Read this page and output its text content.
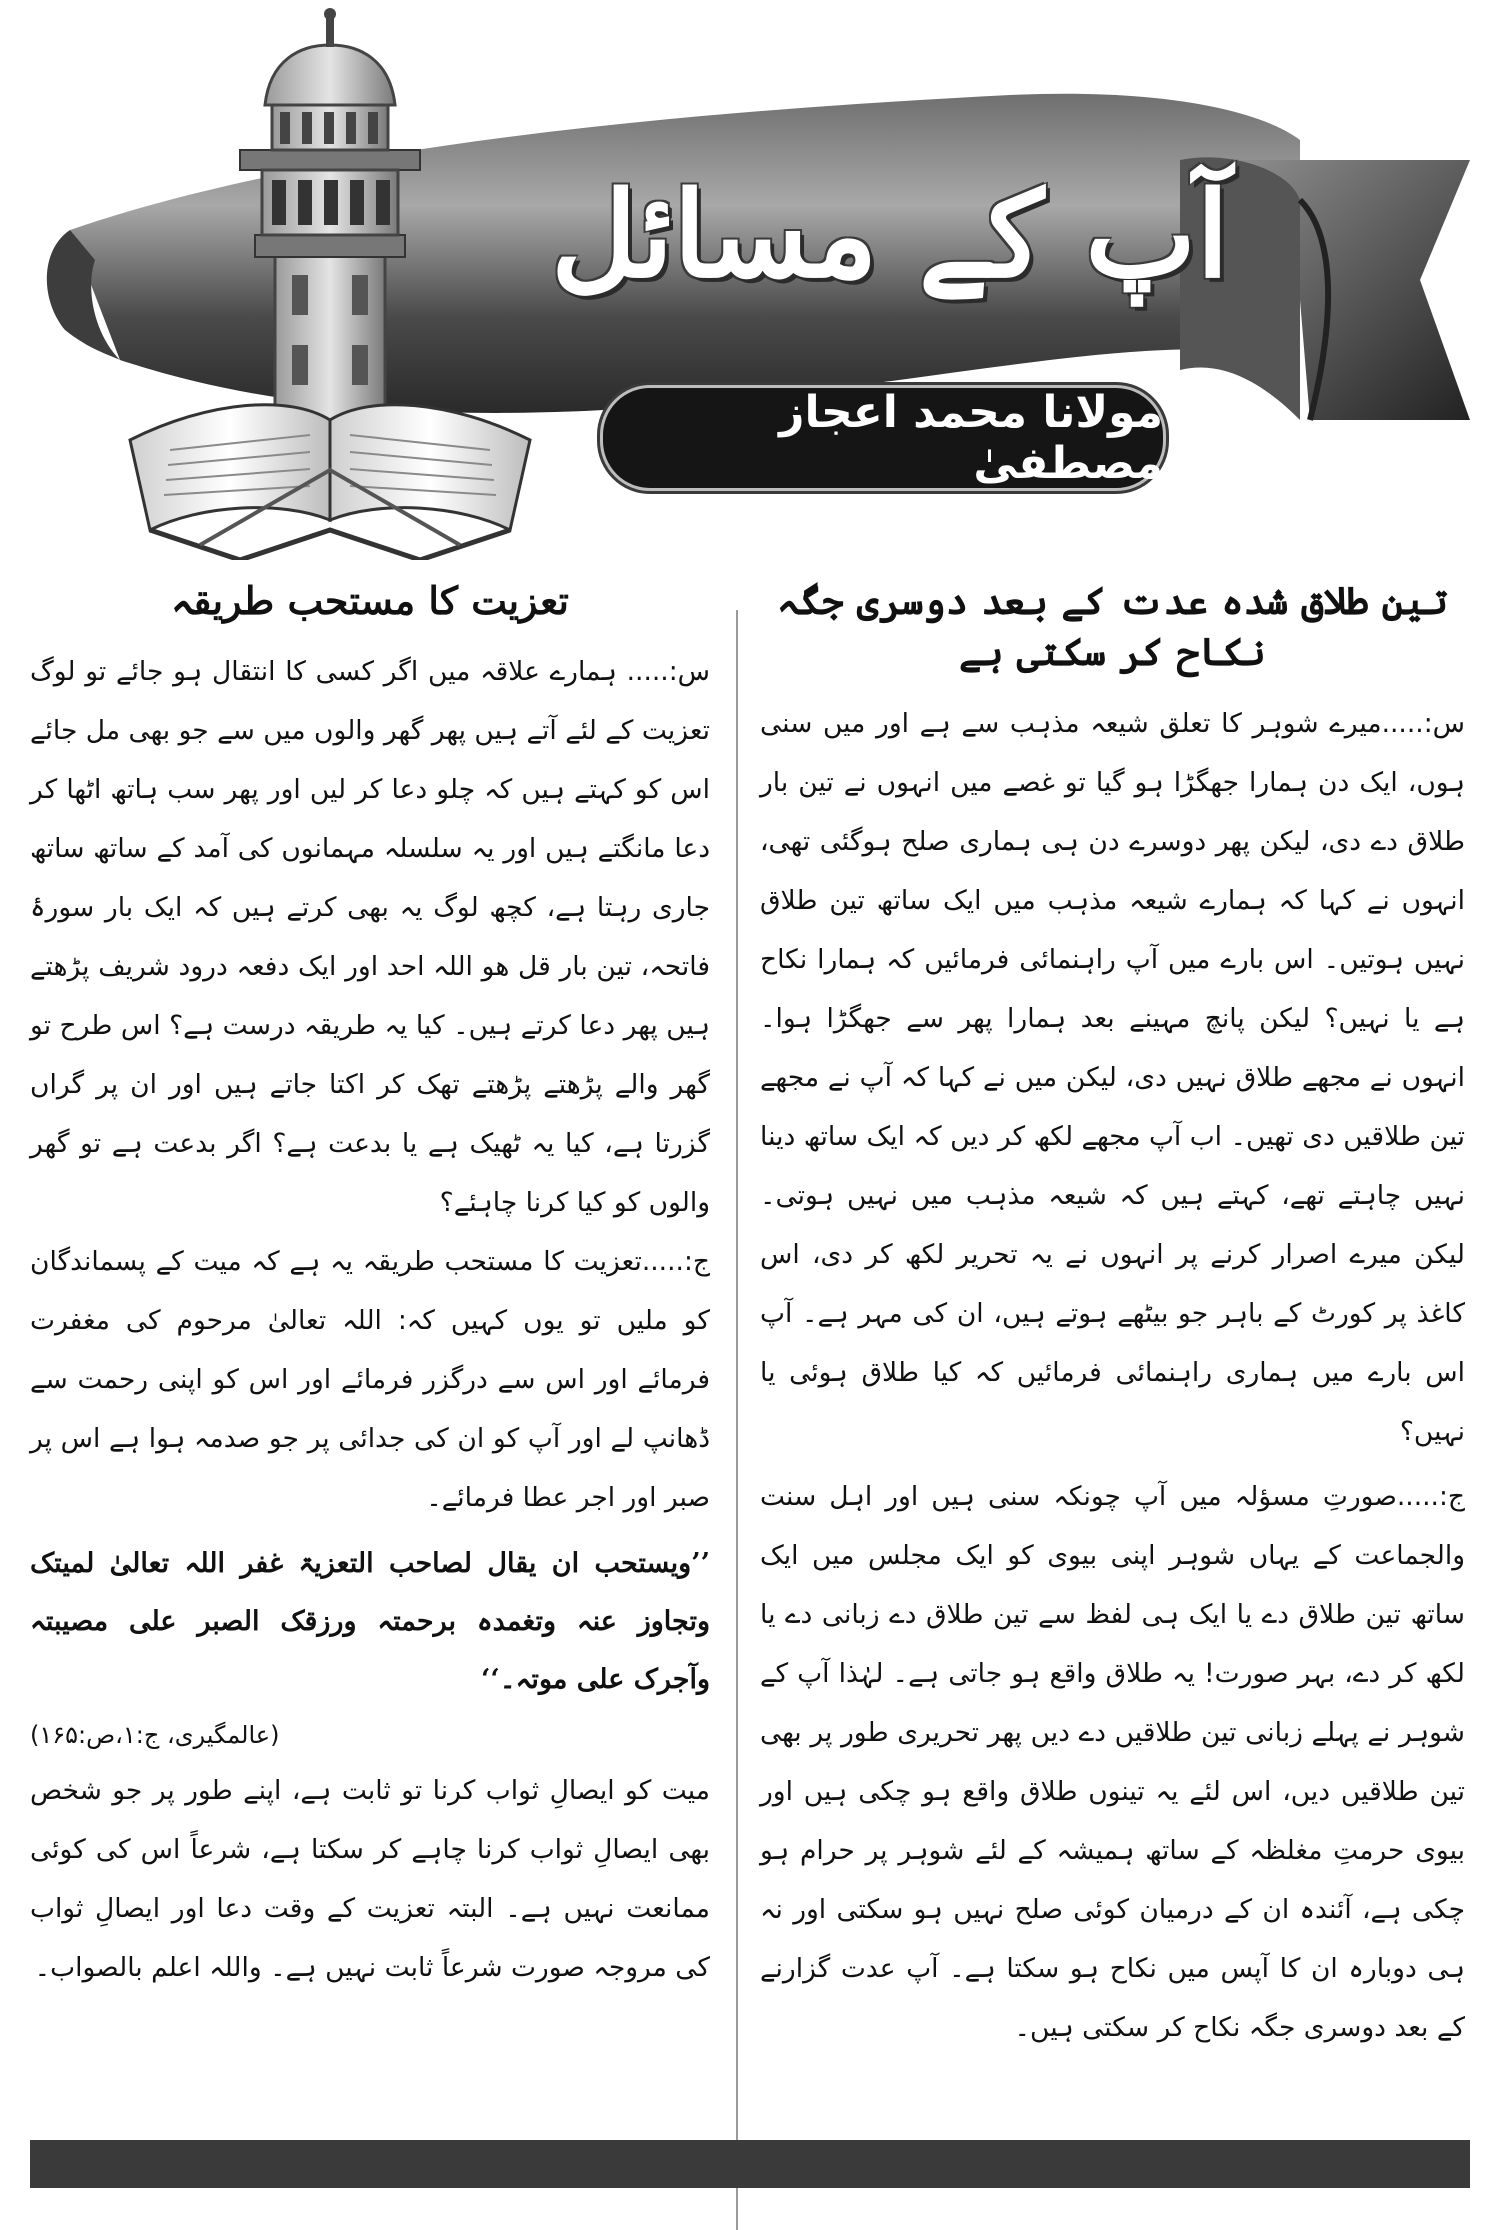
آپ کے مسائل
مولانا محمد اعجاز مصطفیٰ
تین طلاق شدہ عدت کے بعد دوسری جگہ نکاح کر سکتی ہے

س:.....میرے شوہر کا تعلق شیعہ مذہب سے ہے اور میں سنی ہوں، ایک دن ہمارا جھگڑا ہو گیا تو غصے میں انہوں نے تین بار طلاق دے دی، لیکن پھر دوسرے دن ہی ہماری صلح ہوگئی تھی، انہوں نے کہا کہ ہمارے شیعہ مذہب میں ایک ساتھ تین طلاق نہیں ہوتیں۔ اس بارے میں آپ راہنمائی فرمائیں کہ ہمارا نکاح ہے یا نہیں؟ لیکن پانچ مہینے بعد ہمارا پھر سے جھگڑا ہوا۔ انہوں نے مجھے طلاق نہیں دی، لیکن میں نے کہا کہ آپ نے مجھے تین طلاقیں دی تھیں۔ اب آپ مجھے لکھ کر دیں کہ ایک ساتھ دینا نہیں چاہتے تھے، کہتے ہیں کہ شیعہ مذہب میں نہیں ہوتی۔ لیکن میرے اصرار کرنے پر انہوں نے یہ تحریر لکھ کر دی، اس کاغذ پر کورٹ کے باہر جو بیٹھے ہوتے ہیں، ان کی مہر ہے۔ آپ اس بارے میں ہماری راہنمائی فرمائیں کہ کیا طلاق ہوئی یا نہیں؟

ج:.....صورتِ مسؤلہ میں آپ چونکہ سنی ہیں اور اہل سنت والجماعت کے یہاں شوہر اپنی بیوی کو ایک مجلس میں ایک ساتھ تین طلاق دے یا ایک ہی لفظ سے تین طلاق دے زبانی دے یا لکھ کر دے، بہر صورت! یہ طلاق واقع ہو جاتی ہے۔ لہٰذا آپ کے شوہر نے پہلے زبانی تین طلاقیں دے دیں پھر تحریری طور پر بھی تین طلاقیں دیں، اس لئے یہ تینوں طلاق واقع ہو چکی ہیں اور بیوی حرمتِ مغلظہ کے ساتھ ہمیشہ کے لئے شوہر پر حرام ہو چکی ہے، آئندہ ان کے درمیان کوئی صلح نہیں ہو سکتی اور نہ ہی دوبارہ ان کا آپس میں نکاح ہو سکتا ہے۔ آپ عدت گزارنے کے بعد دوسری جگہ نکاح کر سکتی ہیں۔

تعزیت کا مستحب طریقہ

س:..... ہمارے علاقہ میں اگر کسی کا انتقال ہو جائے تو لوگ تعزیت کے لئے آتے ہیں پھر گھر والوں میں سے جو بھی مل جائے اس کو کہتے ہیں کہ چلو دعا کر لیں اور پھر سب ہاتھ اٹھا کر دعا مانگتے ہیں اور یہ سلسلہ مہمانوں کی آمد کے ساتھ ساتھ جاری رہتا ہے، کچھ لوگ یہ بھی کرتے ہیں کہ ایک بار سورۂ فاتحہ، تین بار قل ھو اللہ احد اور ایک دفعہ درود شریف پڑھتے ہیں پھر دعا کرتے ہیں۔ کیا یہ طریقہ درست ہے؟ اس طرح تو گھر والے پڑھتے پڑھتے تھک کر اکتا جاتے ہیں اور ان پر گراں گزرتا ہے، کیا یہ ٹھیک ہے یا بدعت ہے؟ اگر بدعت ہے تو گھر والوں کو کیا کرنا چاہئے؟

ج:.....تعزیت کا مستحب طریقہ یہ ہے کہ میت کے پسماندگان کو ملیں تو یوں کہیں کہ: اللہ تعالیٰ مرحوم کی مغفرت فرمائے اور اس سے درگزر فرمائے اور اس کو اپنی رحمت سے ڈھانپ لے اور آپ کو ان کی جدائی پر جو صدمہ ہوا ہے اس پر صبر اور اجر عطا فرمائے۔

’’ویستحب ان یقال لصاحب التعزیۃ غفر اللہ تعالیٰ لمیتک وتجاوز عنہ وتغمدہ برحمتہ ورزقک الصبر علی مصیبتہ وآجرک علی موتہ۔‘‘

(عالمگیری، ج:۱،ص:۱۶۵)

میت کو ایصالِ ثواب کرنا تو ثابت ہے، اپنے طور پر جو شخص بھی ایصالِ ثواب کرنا چاہے کر سکتا ہے، شرعاً اس کی کوئی ممانعت نہیں ہے۔ البتہ تعزیت کے وقت دعا اور ایصالِ ثواب کی مروجہ صورت شرعاً ثابت نہیں ہے۔ واللہ اعلم بالصواب۔
